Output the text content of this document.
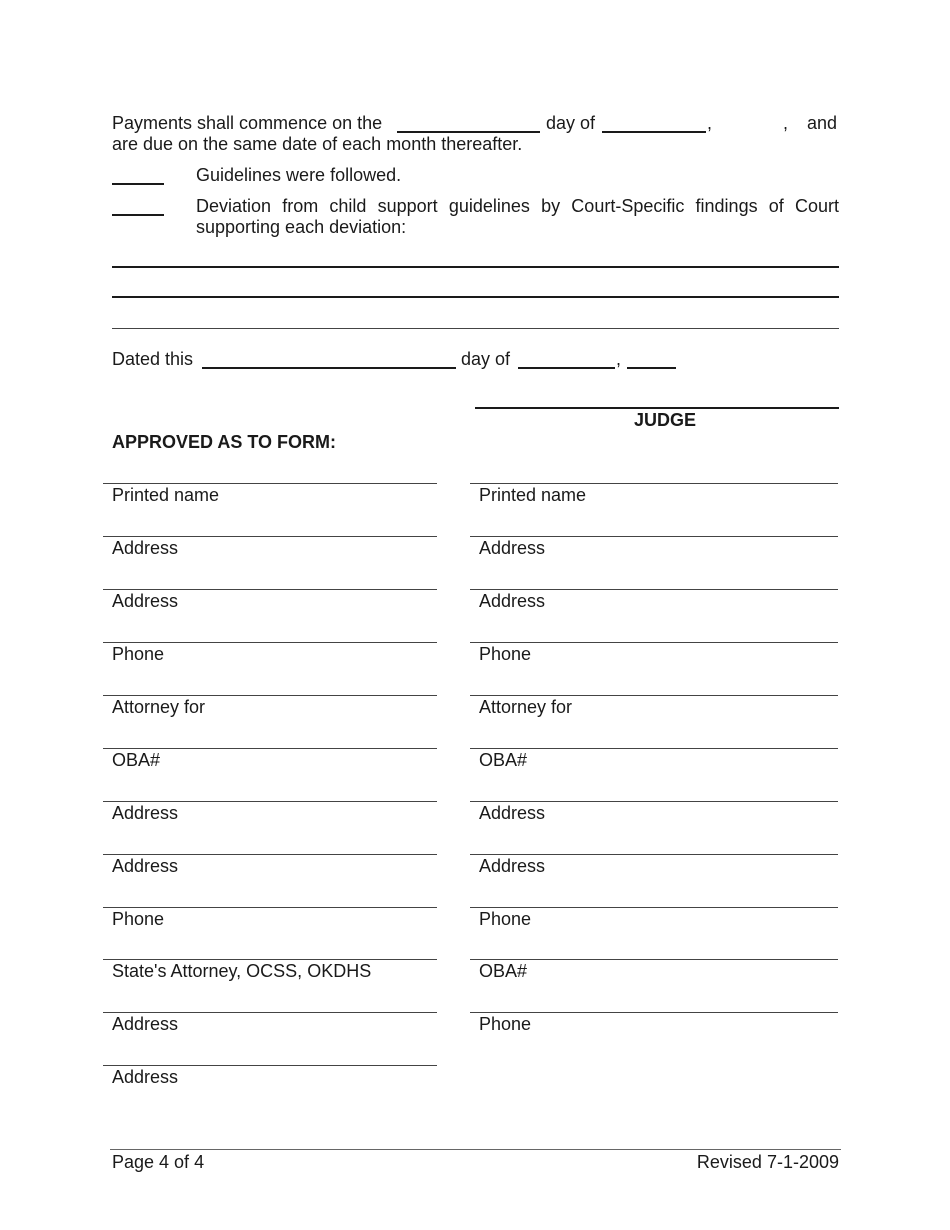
Payments shall commence on the	day of	,	, and
are due on the same date of each month thereafter.
Guidelines were followed.
Deviation from child support guidelines by Court-Specific findings of Court
supporting each deviation:
Dated this	day of	,
JUDGE
APPROVED AS TO FORM:
Printed name
Address
Address
Phone
Attorney for
OBA#
Address
Address
Phone
State's Attorney, OCSS, OKDHS
Address
Address
Printed name
Address
Address
Phone
Attorney for
OBA#
Address
Address
Phone
OBA#
Phone
Page 4 of 4	Revised 7-1-2009
